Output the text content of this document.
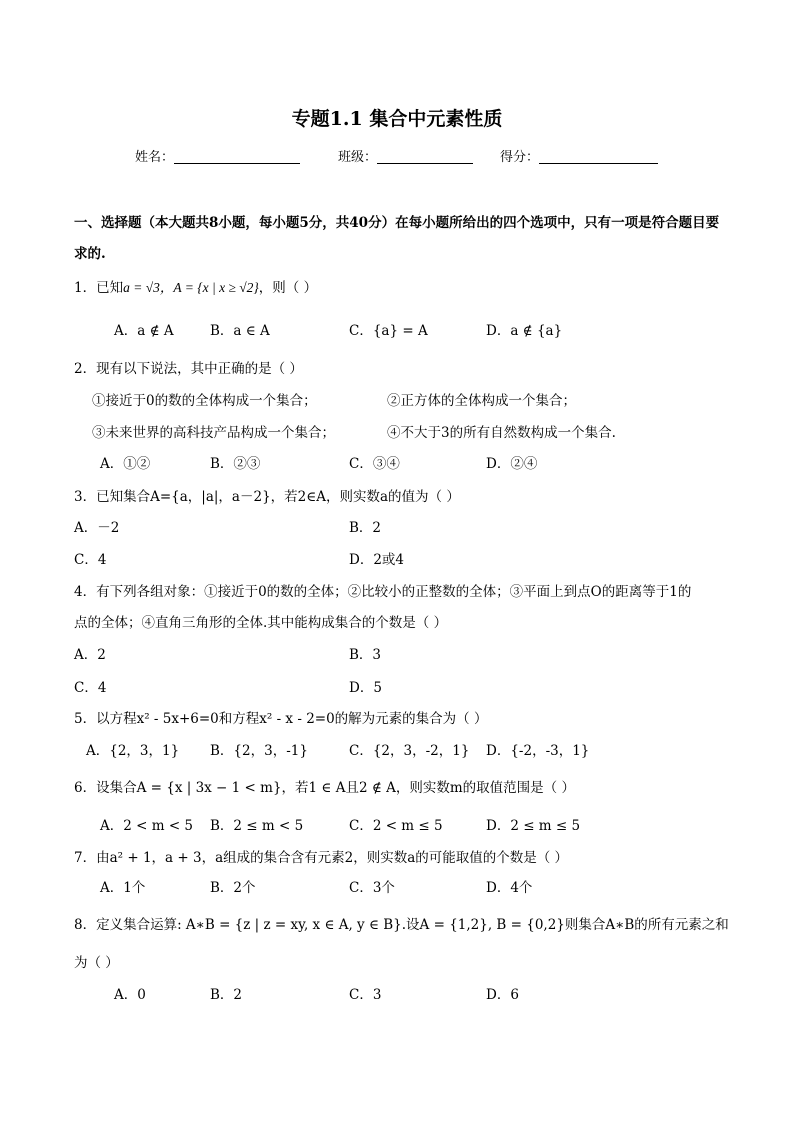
专题1.1 集合中元素性质
姓名：	班级：	得分：
一、选择题（本大题共8小题，每小题5分，共40分）在每小题所给出的四个选项中，只有一项是符合题目要求的.
1．已知a = √3，A = {x | x ≥ √2}，则（ ）
A．a ∉ A	B．a ∈ A	C．{a} = A	D．a ∉ {a}
2．现有以下说法，其中正确的是（ ）
①接近于0的数的全体构成一个集合；	②正方体的全体构成一个集合；
③未来世界的高科技产品构成一个集合；	④不大于3的所有自然数构成一个集合.
A．①②	B．②③	C．③④	D．②④
3．已知集合A={a，|a|，a－2}，若2∈A，则实数a的值为（ ）
A．－2	B．2
C．4	D．2或4
4．有下列各组对象：①接近于0的数的全体；②比较小的正整数的全体；③平面上到点O的距离等于1的
点的全体；④直角三角形的全体.其中能构成集合的个数是（ ）
A．2	B．3
C．4	D．5
5．以方程x² - 5x+6=0和方程x² - x - 2=0的解为元素的集合为（ ）
A．{2，3，1} B．{2，3，-1}	C．{2，3，-2，1} D．{-2，-3，1}
6．设集合A = {x | 3x − 1 < m}，若1 ∈ A且2 ∉ A，则实数m的取值范围是（ ）
A．2 < m < 5 B．2 ≤ m < 5	C．2 < m ≤ 5	D．2 ≤ m ≤ 5
7．由a² + 1，a + 3，a组成的集合含有元素2，则实数a的可能取值的个数是（ ）
A．1个	B．2个	C．3个	D．4个
8．定义集合运算: A∗B = {z | z = xy, x ∈ A, y ∈ B}.设A = {1,2}, B = {0,2}则集合A∗B的所有元素之和
为（ ）
A．0	B．2	C．3	D．6
